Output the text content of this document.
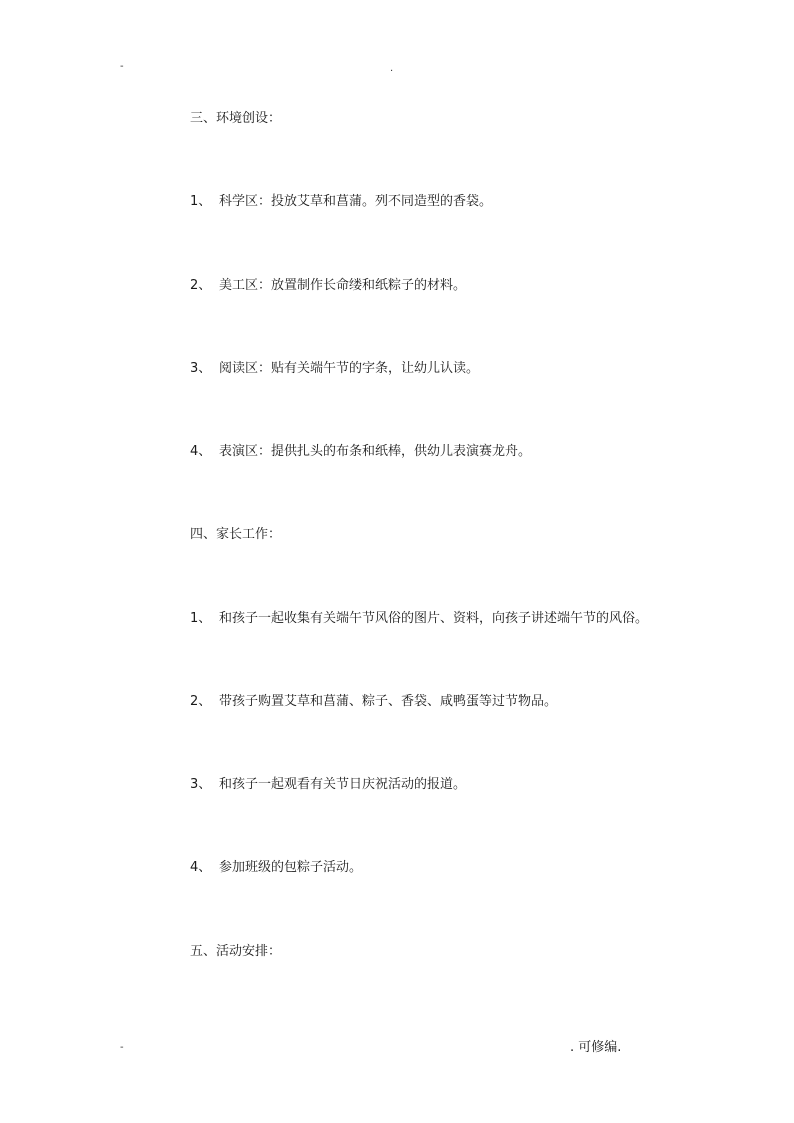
-	.
三、环境创设：
1、 科学区：投放艾草和菖蒲。列不同造型的香袋。
2、 美工区：放置制作长命缕和纸粽子的材料。
3、 阅读区：贴有关端午节的字条，让幼儿认读。
4、 表演区：提供扎头的布条和纸棒，供幼儿表演赛龙舟。
四、家长工作：
1、 和孩子一起收集有关端午节风俗的图片、资料，向孩子讲述端午节的风俗。
2、 带孩子购置艾草和菖蒲、粽子、香袋、咸鸭蛋等过节物品。
3、 和孩子一起观看有关节日庆祝活动的报道。
4、 参加班级的包粽子活动。
五、活动安排：
-	. 可修编.
